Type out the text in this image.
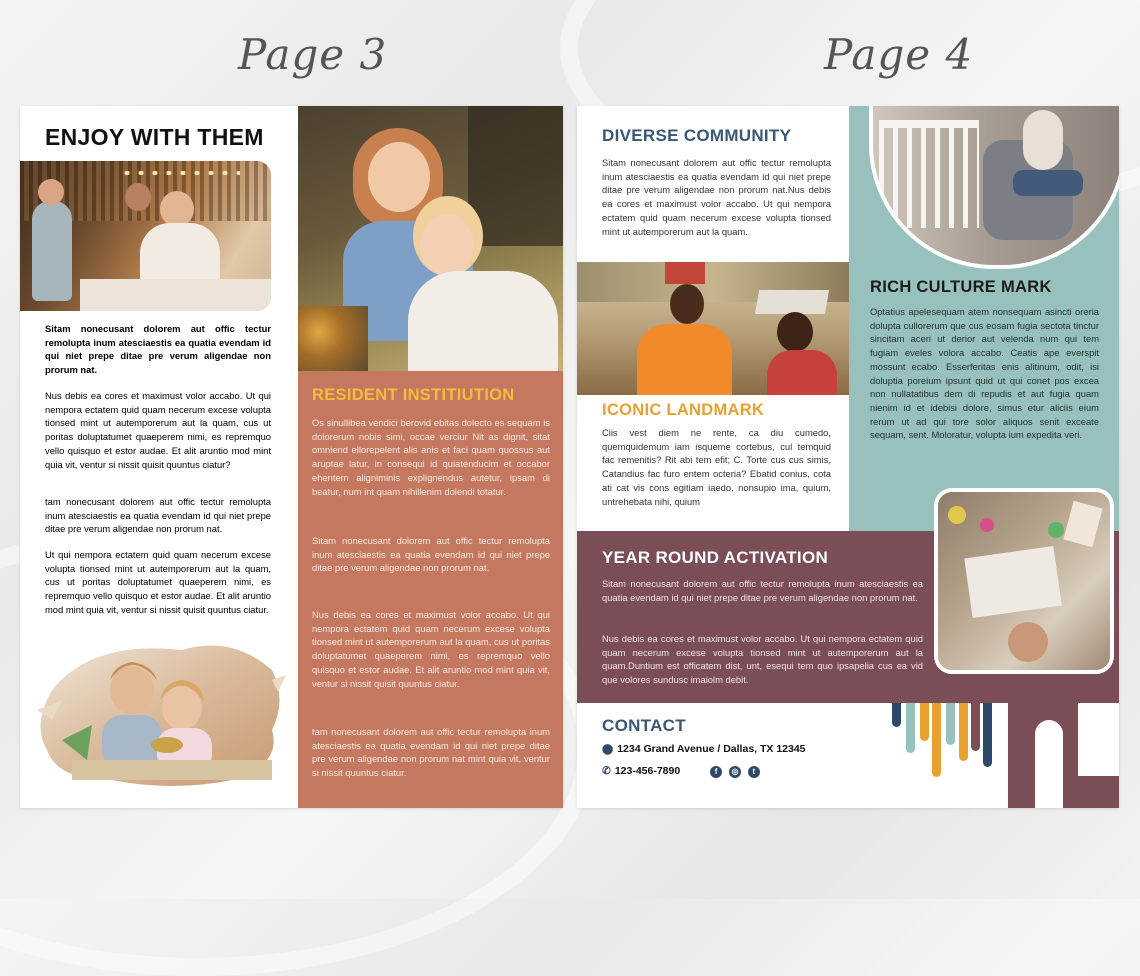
Page 3	Page 4
ENJOY WITH THEM

Sitam nonecusant dolorem aut offic tectur remolupta inum atesciaestis ea quatia evendam id qui niet prepe ditae pre verum aligendae non prorum nat.

Nus debis ea cores et maximust volor accabo. Ut qui nempora ectatem quid quam necerum excese volupta tionsed mint ut autemporerum aut la quam, cus ut poritas doluptatumet quaeperem nimi, es repremquo vello quisquo et estor audae. Et alit aruntio mod mint quia vit, ventur si nissit quisit quuntus ciatur?

tam nonecusant dolorem aut offic tectur remolupta inum atesciaestis ea quatia evendam id qui niet prepe ditae pre verum aligendae non prorum nat.

Ut qui nempora ectatem quid quam necerum excese volupta tionsed mint ut autemporerum aut la quam, cus ut poritas doluptatumet quaeperem nimi, es repremquo vello quisquo et estor audae. Et alit aruntio mod mint quia vit, ventur si nissit quisit quuntus ciatur.

RESIDENT INSTITIUTION

Os sinullibea vendici berovid ebitas dolecto es sequam is dolorerum nobis simi, occae verciur Nit as dignit, sitat omniend ellorepelent alis anis et faci quam quossus aut aruptae latur, in consequi id quiatenducim et occabor ehentem aligniminis explignendus autetur, ipsam di beatur, num int quam nihillenim dolendi totatur.

Sitam nonecusant dolorem aut offic tectur remolupta inum atesciaestis ea quatia evendam id qui niet prepe ditae pre verum aligendae non prorum nat.

Nus debis ea cores et maximust volor accabo. Ut qui nempora ectatem quid quam necerum excese volupta tionsed mint ut autemporerum aut la quam, cus ut poritas doluptatumet quaeperem nimi, es repremquo vello quisquo et estor audae. Et alit aruntio mod mint quia vit, ventur si nissit quisit quuntus ciatur.

tam nonecusant dolorem aut offic tectur remolupta inum atesciaestis ea quatia evendam id qui niet prepe ditae pre verum aligendae non prorum nat mint quia vit, ventur si nissit quuntus ciatur.

DIVERSE COMMUNITY

Sitam nonecusant dolorem aut offic tectur remolupta inum atesciaestis ea quatia evendam id qui niet prepe ditae pre verum aligendae non prorum nat.Nus debis ea cores et maximust volor accabo. Ut qui nempora ectatem quid quam necerum excese volupta tionsed mint ut autemporerum aut la quam.

ICONIC LANDMARK

Ciis vest diem ne rente, ca diu cumedo, quemquidemum iam isqueme cortebus, cul temquid fac remenitis? Rit abi tem efit; C. Torte cus cus simis, Catandius fac furo entem octeria? Ebatid conius, cota ati cat vis cons egitiam iaedo, nonsupio ima, quium, untrehebata nihi, quium

RICH CULTURE MARK

Optatius apelesequam atem nonsequam asincti oreria dolupta cullorerum que cus eosam fugia sectota tinctur sincitam aceri ut derior aut velenda num qui tem fugiam eveles volora accabo. Ceatis ape everspit mossunt ecabo. Esserferitas enis alitinum, odit, isi doluptia poreium ipsunt quid ut qui conet pos excea non nullatatibus dem di repudis et aut fugia quam nienim id et idebisi dolore, simus etur aliciis eium rerum ut ad qui tore solor aliquos senit exceate sequam, sent. Moloratur, volupta ium expedita veri.

YEAR ROUND ACTIVATION

Sitam nonecusant dolorem aut offic tectur remolupta inum atesciaestis ea quatia evendam id qui niet prepe ditae pre verum aligendae non prorum nat.

Nus debis ea cores et maximust volor accabo. Ut qui nempora ectatem quid quam necerum excese volupta tionsed mint ut autemporerum aut la quam.Duntium est officatem dist, unt, esequi tem quo ipsapelia cus ea vid que volores sundusc imaiolm debit.

CONTACT
⬤ 1234 Grand Avenue / Dallas, TX 12345
✆ 123-456-7890	f ◎ t
